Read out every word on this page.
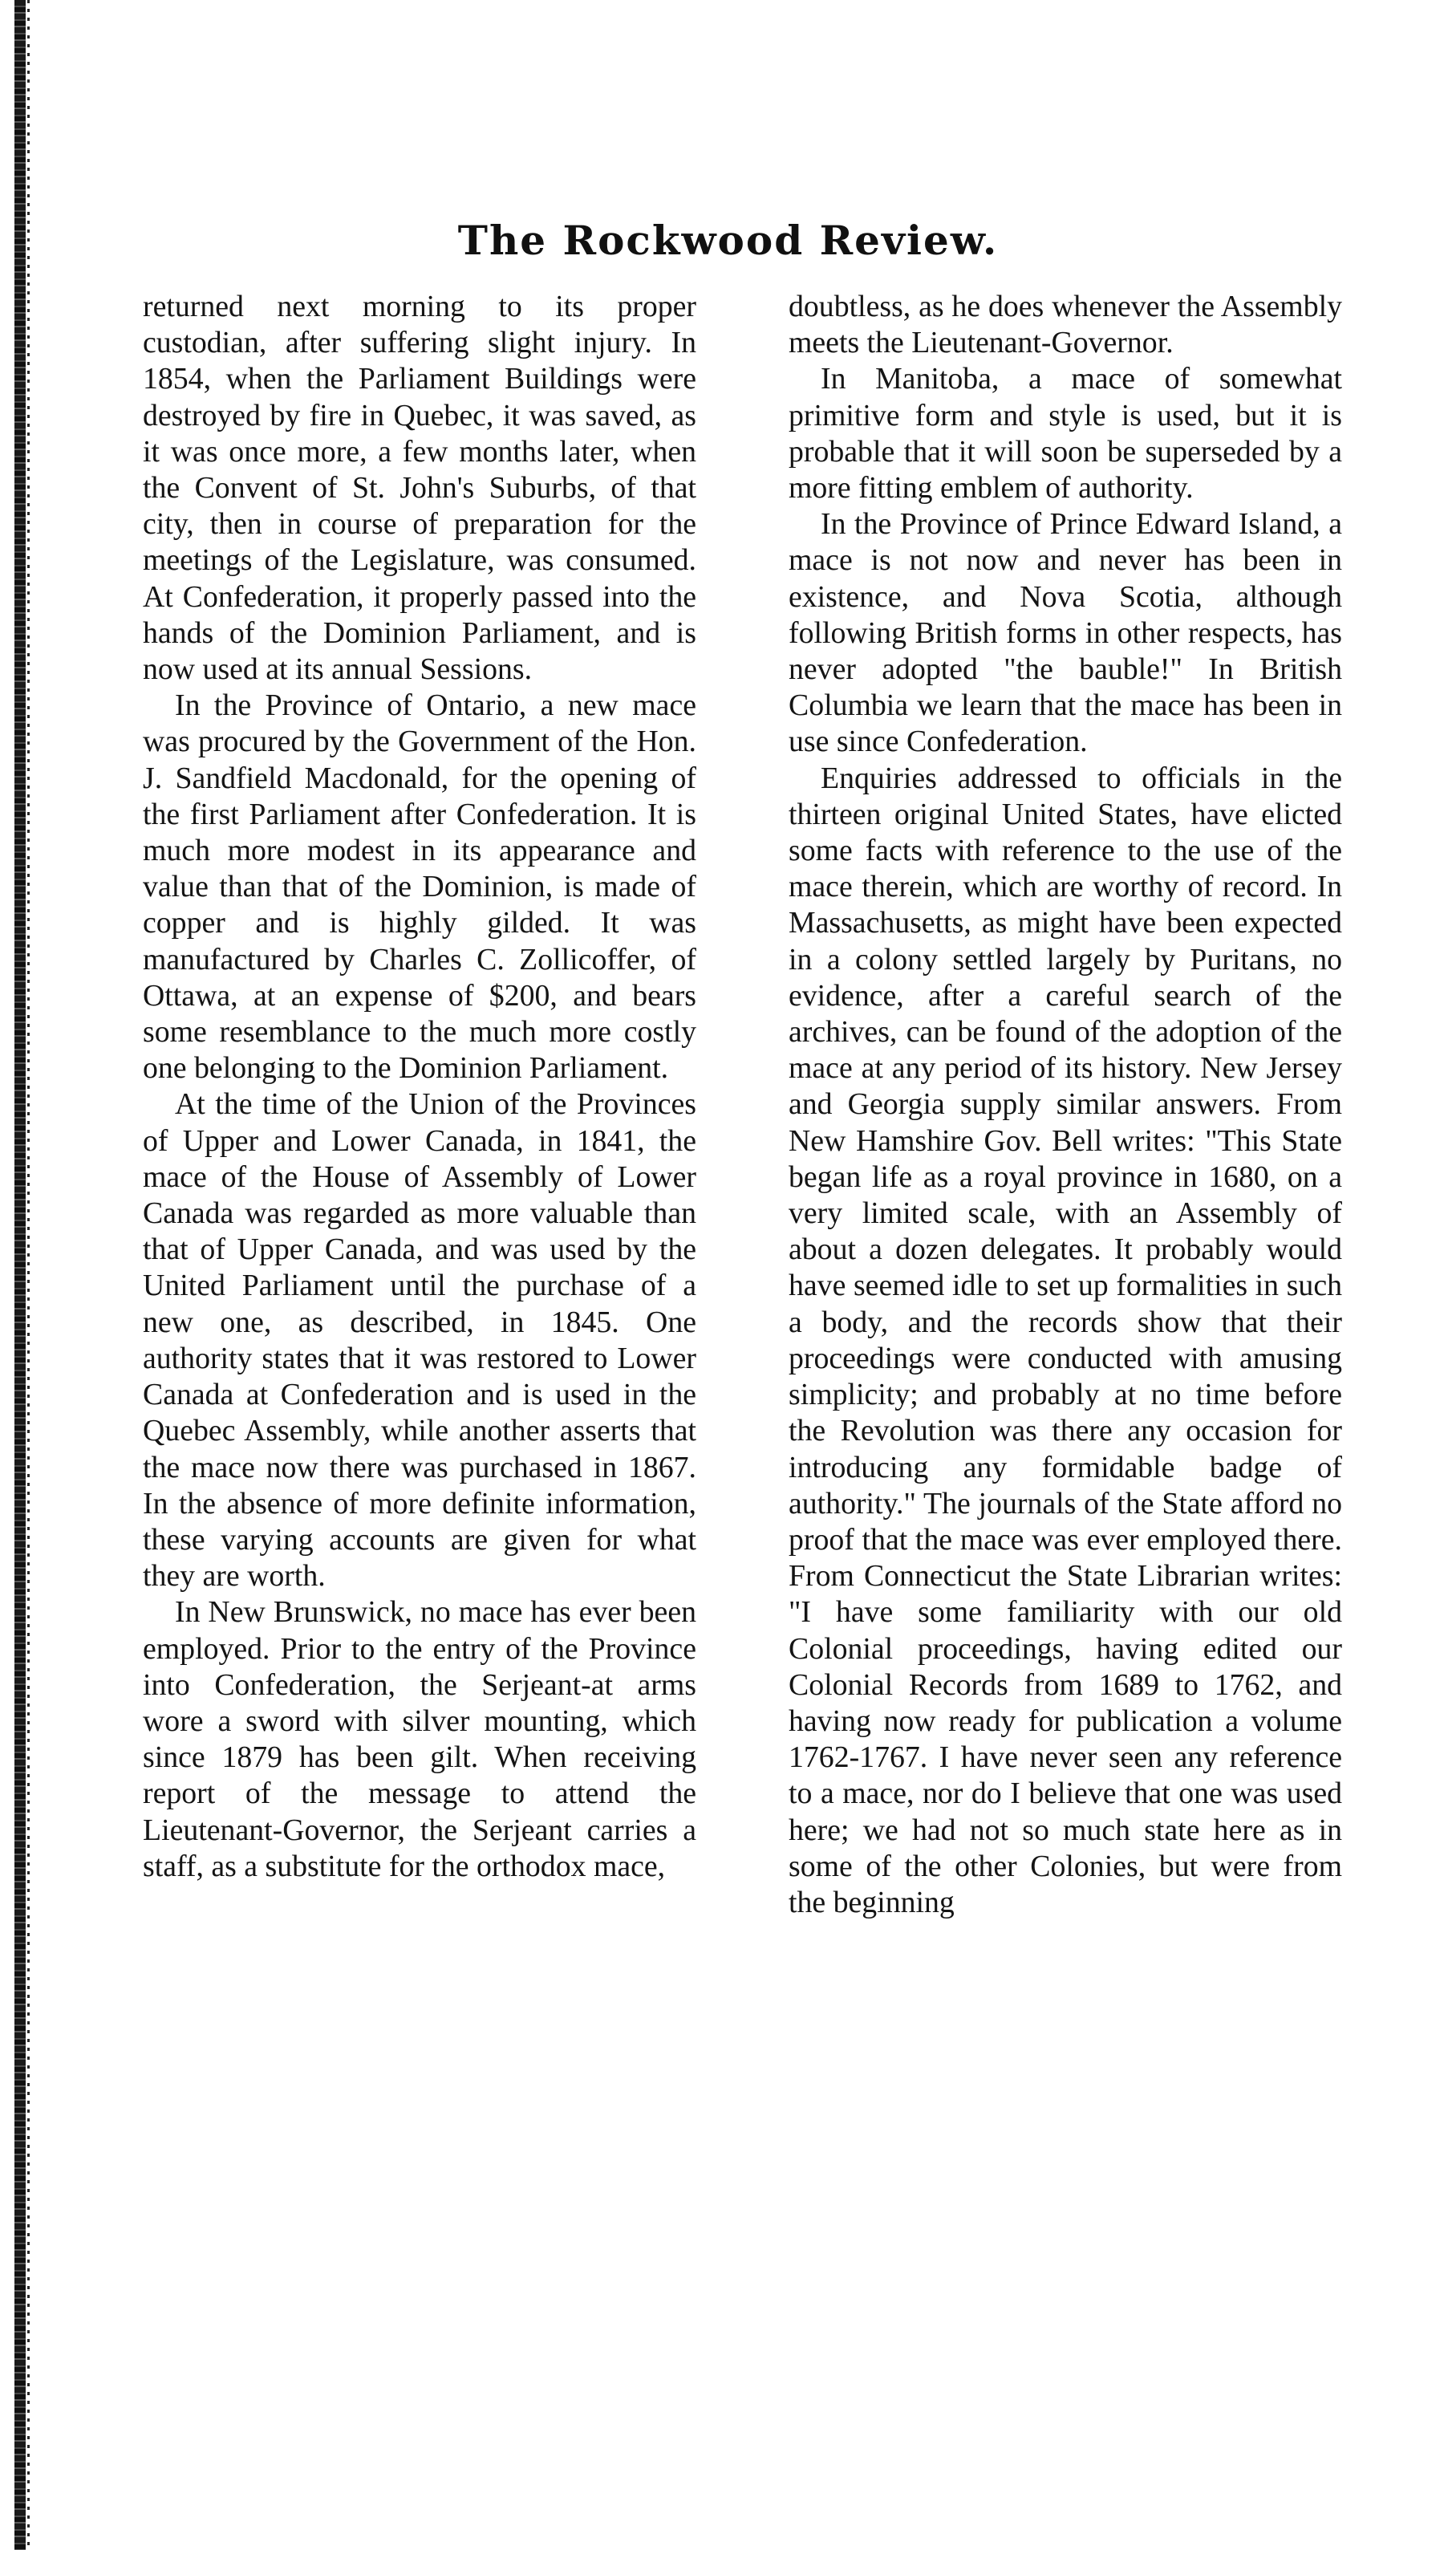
The Rockwood Review.

returned next morning to its proper custodian, after suffering slight injury. In 1854, when the Parliament Buildings were destroyed by fire in Quebec, it was saved, as it was once more, a few months later, when the Convent of St. John's Suburbs, of that city, then in course of preparation for the meetings of the Legislature, was consumed. At Confederation, it properly passed into the hands of the Dominion Parliament, and is now used at its annual Sessions.

In the Province of Ontario, a new mace was procured by the Government of the Hon. J. Sandfield Macdonald, for the opening of the first Parliament after Confederation. It is much more modest in its appearance and value than that of the Dominion, is made of copper and is highly gilded. It was manufactured by Charles C. Zollicoffer, of Ottawa, at an expense of $200, and bears some resemblance to the much more costly one belonging to the Dominion Parliament.

At the time of the Union of the Provinces of Upper and Lower Canada, in 1841, the mace of the House of Assembly of Lower Canada was regarded as more valuable than that of Upper Canada, and was used by the United Parliament until the purchase of a new one, as described, in 1845. One authority states that it was restored to Lower Canada at Confederation and is used in the Quebec Assembly, while another asserts that the mace now there was purchased in 1867. In the absence of more definite information, these varying accounts are given for what they are worth.

In New Brunswick, no mace has ever been employed. Prior to the entry of the Province into Confederation, the Serjeant-at arms wore a sword with silver mounting, which since 1879 has been gilt. When receiving report of the message to attend the Lieutenant-Governor, the Serjeant carries a staff, as a substitute for the orthodox mace,

doubtless, as he does whenever the Assembly meets the Lieutenant-Governor.

In Manitoba, a mace of somewhat primitive form and style is used, but it is probable that it will soon be superseded by a more fitting emblem of authority.

In the Province of Prince Edward Island, a mace is not now and never has been in existence, and Nova Scotia, although following British forms in other respects, has never adopted "the bauble!" In British Columbia we learn that the mace has been in use since Confederation.

Enquiries addressed to officials in the thirteen original United States, have elicted some facts with reference to the use of the mace therein, which are worthy of record. In Massachusetts, as might have been expected in a colony settled largely by Puritans, no evidence, after a careful search of the archives, can be found of the adoption of the mace at any period of its history. New Jersey and Georgia supply similar answers. From New Hamshire Gov. Bell writes: "This State began life as a royal province in 1680, on a very limited scale, with an Assembly of about a dozen delegates. It probably would have seemed idle to set up formalities in such a body, and the records show that their proceedings were conducted with amusing simplicity; and probably at no time before the Revolution was there any occasion for introducing any formidable badge of authority." The journals of the State afford no proof that the mace was ever employed there. From Connecticut the State Librarian writes: "I have some familiarity with our old Colonial proceedings, having edited our Colonial Records from 1689 to 1762, and having now ready for publication a volume 1762-1767. I have never seen any reference to a mace, nor do I believe that one was used here; we had not so much state here as in some of the other Colonies, but were from the beginning
